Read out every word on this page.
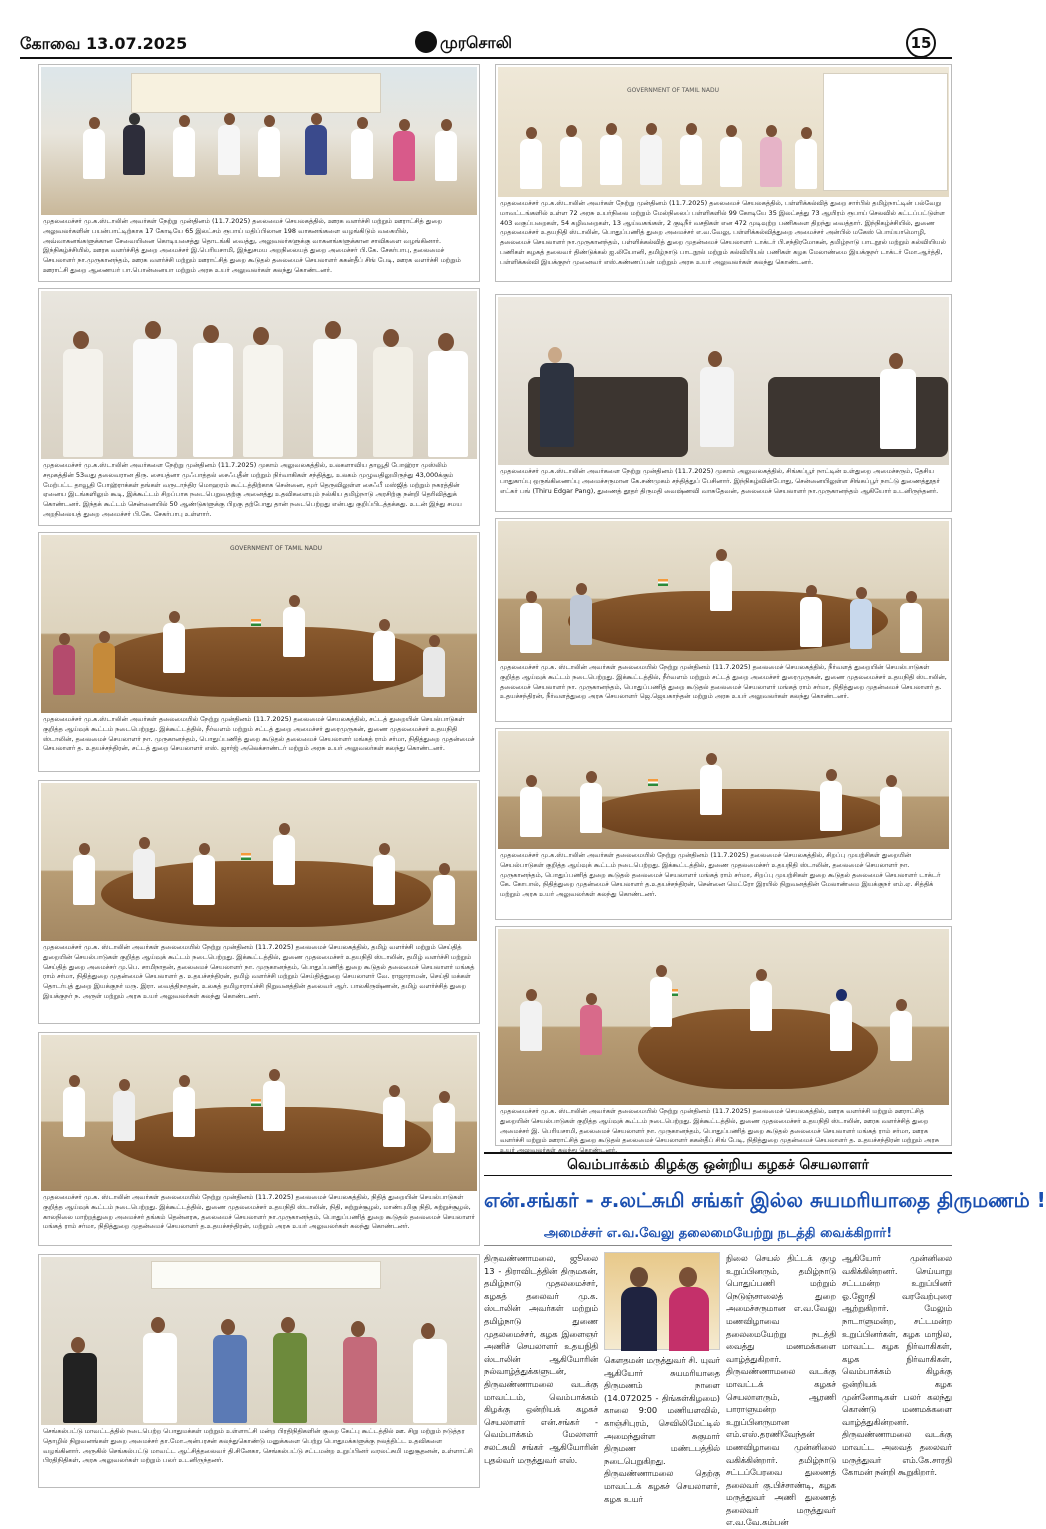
கோவை 13.07.2025	முரசொலி	15
முதலமைச்சர் மு.க.ஸ்டாலின் அவர்கள் நேற்று முன்தினம் (11.7.2025) தலைமைச் செயலகத்தில், ஊரக வளர்ச்சி மற்றும் ஊராட்சித் துறை அலுவலர்களின் பயன்பாட்டிற்காக 17 கோடியே 65 இலட்சம் ரூபாய் மதிப்பிலான 198 வாகனங்களை வழங்கிடும் வகையில், அவ்வாகனங்களுக்கான சேவையினை கொடியசைத்து தொடங்கி வைத்து, அலுவலர்களுக்கு வாகனங்களுக்கான சாவிகளை வழங்கினார். இந்நிகழ்ச்சியில், ஊரக வளர்ச்சித் துறை அமைச்சர் இ.பெரியசாமி, இந்துசமய அறநிலையத் துறை அமைச்சர் பி.கே. சேகர்பாபு, தலைமைச் செயலாளர் நா.முருகானந்தம், ஊரக வளர்ச்சி மற்றும் ஊராட்சித் துறை கூடுதல் தலைமைச் செயலாளர் ககன்தீப் சிங் பேடி, ஊரக வளர்ச்சி மற்றும் ஊராட்சி துறை ஆணையர் பா.பொன்னையா மற்றும் அரசு உயர் அலுவலர்கள் கலந்து கொண்டனர்.
GOVERNMENT OF TAMIL NADU
முதலமைச்சர் மு.க.ஸ்டாலின் அவர்கள் நேற்று முன்தினம் (11.7.2025) தலைமைச் செயலகத்தில், பள்ளிக்கல்வித் துறை சார்பில் தமிழ்நாட்டின் பல்வேறு மாவட்டங்களில் உள்ள 72 அரசு உயர்நிலை மற்றும் மேல்நிலைப் பள்ளிகளில் 99 கோடியே 35 இலட்சத்து 73 ஆயிரம் ரூபாய் செலவில் கட்டப்பட்டுள்ள 403 வகுப்பறைகள், 54 கழிவறைகள், 13 ஆய்வகங்கள், 2 குடிநீர் வசதிகள் என 472 முடிவுற்ற பணிகளை திறந்து வைத்தார். இந்நிகழ்ச்சியில், துணை முதலமைச்சர் உதயநிதி ஸ்டாலின், பொதுப்பணித் துறை அமைச்சர் எ.வ.வேலு, பள்ளிக்கல்வித்துறை அமைச்சர் அன்பில் மகேஸ் பொய்யாமொழி, தலைமைச் செயலாளர் நா.முருகானந்தம், பள்ளிக்கல்வித் துறை முதன்மைச் செயலாளர் டாக்டர் பி.சந்திரமோகன், தமிழ்நாடு பாடநூல் மற்றும் கல்வியியல் பணிகள் கழகத் தலைவர் திண்டுக்கல் ஐ.லியோனி, தமிழ்நாடு பாடநூல் மற்றும் கல்வியியல் பணிகள் கழக மேலாண்மை இயக்குநர் டாக்டர் மோ.ஆர்த்தி, பள்ளிக்கல்வி இயக்குநர் முனைவர் எஸ்.கண்ணப்பன் மற்றும் அரசு உயர் அலுவலர்கள் கலந்து கொண்டனர்.
முதலமைச்சர் மு.க.ஸ்டாலின் அவர்களை நேற்று முன்தினம் (11.7.2025) முகாம் அலுவலகத்தில், உலகளாவிய தாவூதி போஹ்ரா முஸ்லிம் சமூகத்தின் 53வது தலைவரான திரு. சையத்னா முஃபாத்தல் சைஃபுதீன் மற்றும் நிர்வாகிகள் சந்தித்து, உலகம் முழுவதிலுமிருந்து 43,000க்கும் மேற்பட்ட தாவூதி போஹ்ராக்கள் தங்கள் வருடாந்திர மொஹரம் கூட்டத்திற்காக சென்னை, மூர் தெருவிலுள்ள சைஃபீ மஸ்ஜித் மற்றும் நகரத்தின் ஏனைய இடங்களிலும் கூடி, இக்கூட்டம் சிறப்பாக நடைபெறுவதற்கு அனைத்து உதவிகளையும் நல்கிய தமிழ்நாடு அரசிற்கு நன்றி தெரிவித்துக் கொண்டனர். இந்தக் கூட்டம் சென்னையில் 50 ஆண்டுகளுக்கு பிறகு தற்போது தான் நடைபெற்றது என்பது குறிப்பிடத்தக்கது. உடன் இந்து சமய அறநிலையத் துறை அமைச்சர் பி.கே. சேகர்பாபு உள்ளார்.
முதலமைச்சர் மு.க.ஸ்டாலின் அவர்களை நேற்று முன்தினம் (11.7.2025) முகாம் அலுவலகத்தில், சிங்கப்பூர் நாட்டின் உள்துறை அமைச்சரும், தேசிய பாதுகாப்பு ஒருங்கிணைப்பு அமைச்சருமான கே.சண்முகம் சந்தித்துப் பேசினார். இந்நிகழ்வின்போது, சென்னையிலுள்ள சிங்கப்பூர் நாட்டு துணைத்தூதர் எட்கர் பங் (Thiru Edgar Pang), துணைத் தூதர் திருமதி வைஷ்ணவி வாசுதேவன், தலைமைச் செயலாளர் நா.முருகானந்தம் ஆகியோர் உடனிருந்தனர்.
GOVERNMENT OF TAMIL NADU
முதலமைச்சர் மு.க.ஸ்டாலின் அவர்கள் தலைமையில் நேற்று முன்தினம் (11.7.2025) தலைமைச் செயலகத்தில், சட்டத் துறையின் செயல்பாடுகள் குறித்த ஆய்வுக் கூட்டம் நடைபெற்றது. இக்கூட்டத்தில், நீர்வளம் மற்றும் சட்டத் துறை அமைச்சர் துரைமுருகன், துணை முதலமைச்சர் உதயநிதி ஸ்டாலின், தலைமைச் செயலாளர் நா. முருகானந்தம், பொதுப்பணித் துறை கூடுதல் தலைமைச் செயலாளர் மங்கத் ராம் சர்மா, நிதித்துறை முதன்மைச் செயலாளர் த. உதயச்சந்திரன், சட்டத் துறை செயலாளர் எஸ். ஜார்ஜ் அலெக்சாண்டர் மற்றும் அரசு உயர் அலுவலர்கள் கலந்து கொண்டனர்.
முதலமைச்சர் மு.க. ஸ்டாலின் அவர்கள் தலைமையில் நேற்று முன்தினம் (11.7.2025) தலைமைச் செயலகத்தில், நீர்வளத் துறையின் செயல்பாடுகள் குறித்த ஆய்வுக் கூட்டம் நடைபெற்றது. இக்கூட்டத்தில், நீர்வளம் மற்றும் சட்டத் துறை அமைச்சர் துரைமுருகன், துணை முதலமைச்சர் உதயநிதி ஸ்டாலின், தலைமைச் செயலாளர் நா. முருகானந்தம், பொதுப்பணித் துறை கூடுதல் தலைமைச் செயலாளர் மங்கத் ராம் சர்மா, நிதித்துறை முதன்மைச் செயலாளர் த. உதயச்சந்திரன், நீர்வளத்துறை அரசு செயலாளர் ஜெ.ஜெயகாந்தன் மற்றும் அரசு உயர் அலுவலர்கள் கலந்து கொண்டனர்.
முதலமைச்சர் மு.க. ஸ்டாலின் அவர்கள் தலைமையில் நேற்று முன்தினம் (11.7.2025) தலைமைச் செயலகத்தில், தமிழ் வளர்ச்சி மற்றும் செய்தித் துறையின் செயல்பாடுகள் குறித்த ஆய்வுக் கூட்டம் நடைபெற்றது. இக்கூட்டத்தில், துணை முதலமைச்சர் உதயநிதி ஸ்டாலின், தமிழ் வளர்ச்சி மற்றும் செய்தித் துறை அமைச்சர் மு.பெ. சாமிநாதன், தலைமைச் செயலாளர் நா. முருகானந்தம், பொதுப்பணித் துறை கூடுதல் தலைமைச் செயலாளர் மங்கத் ராம் சர்மா, நிதித்துறை முதன்மைச் செயலாளர் த. உதயச்சந்திரன், தமிழ் வளர்ச்சி மற்றும் செய்தித்துறை செயலாளர் வே. ராஜாராமன், செய்தி மக்கள் தொடர்புத் துறை இயக்குநர் மரு. இரா. வைத்திநாதன், உலகத் தமிழாராய்ச்சி நிறுவனத்தின் தலைவர் ஆர். பாலகிருஷ்ணன், தமிழ் வளர்ச்சித் துறை இயக்குநர் ந. அருள் மற்றும் அரசு உயர் அலுவலர்கள் கலந்து கொண்டனர்.
முதலமைச்சர் மு.க.ஸ்டாலின் அவர்கள் தலைமையில் நேற்று முன்தினம் (11.7.2025) தலைமைச் செயலகத்தில், சிறப்பு முயற்சிகள் துறையின் செயல்பாடுகள் குறித்த ஆய்வுக் கூட்டம் நடைபெற்றது. இக்கூட்டத்தில், துணை முதலமைச்சர் உதயநிதி ஸ்டாலின், தலைமைச் செயலாளர் நா. முருகானந்தம், பொதுப்பணித் துறை கூடுதல் தலைமைச் செயலாளர் மங்கத் ராம் சர்மா, சிறப்பு முயற்சிகள் துறை கூடுதல் தலைமைச் செயலாளர் டாக்டர் கே. கோபால், நிதித்துறை முதன்மைச் செயலாளர் த.உதயச்சந்திரன், சென்னை மெட்ரோ இரயில் நிறுவனத்தின் மேலாண்மை இயக்குநர் எம்.ஏ. சித்திக் மற்றும் அரசு உயர் அலுவலர்கள் கலந்து கொண்டனர்.
முதலமைச்சர் மு.க. ஸ்டாலின் அவர்கள் தலைமையில் நேற்று முன்தினம் (11.7.2025) தலைமைச் செயலகத்தில், நிதித் துறையின் செயல்பாடுகள் குறித்த ஆய்வுக் கூட்டம் நடைபெற்றது. இக்கூட்டத்தில், துணை முதலமைச்சர் உதயநிதி ஸ்டாலின், நிதி, சுற்றுச்சூழல், மாண்புமிகு நிதி, சுற்றுச்சூழல், காலநிலை மாற்றத்துறை அமைச்சர் தங்கம் தென்னரசு, தலைமைச் செயலாளர் நா.முருகானந்தம், பொதுப்பணித் துறை கூடுதல் தலைமைச் செயலாளர் மங்கத் ராம் சர்மா, நிதித்துறை முதன்மைச் செயலாளர் த.உதயச்சந்திரன், மற்றும் அரசு உயர் அலுவலர்கள் கலந்து கொண்டனர்.
முதலமைச்சர் மு.க. ஸ்டாலின் அவர்கள் தலைமையில் நேற்று முன்தினம் (11.7.2025) தலைமைச் செயலகத்தில், ஊரக வளர்ச்சி மற்றும் ஊராட்சித் துறையின் செயல்பாடுகள் குறித்த ஆய்வுக் கூட்டம் நடைபெற்றது. இக்கூட்டத்தில், துணை முதலமைச்சர் உதயநிதி ஸ்டாலின், ஊரக வளர்ச்சித் துறை அமைச்சர் இ. பெரியசாமி, தலைமைச் செயலாளர் நா. முருகானந்தம், பொதுப்பணித் துறை கூடுதல் தலைமைச் செயலாளர் மங்கத் ராம் சர்மா, ஊரக வளர்ச்சி மற்றும் ஊராட்சித் துறை கூடுதல் தலைமைச் செயலாளர் ககன்தீப் சிங் பேடி, நிதித்துறை முதன்மைச் செயலாளர் த. உதயச்சந்திரன் மற்றும் அரசு உயர் அலுவலர்கள் கலந்து கொண்டனர்.
செங்கல்பட்டு மாவட்டத்தில் நடைபெற்ற பொதுமக்கள் மற்றும் உள்ளாட்சி மன்ற பிரதிநிதிகளின் குறை கேட்பு கூட்டத்தில் ஊ. சிறு மற்றும் நடுத்தர தொழில் நிறுவனங்கள் துறை அமைச்சர் தா.மோ.அன்பரசன் கலந்துகொண்டு மனுக்களை பெற்று பொதுமக்களுக்கு நலத்திட்ட உதவிகளை வழங்கினார். அருகில் செங்கல்பட்டு மாவட்ட ஆட்சித்தலைவர் தி.சினேகா, செங்கல்பட்டு சட்டமன்ற உறுப்பினர் வரலட்சுமி மதுசூதனன், உள்ளாட்சி பிரதிநிதிகள், அரசு அலுவலர்கள் மற்றும் பலர் உடனிருந்தனர்.
வெம்பாக்கம் கிழக்கு ஒன்றிய கழகச் செயலாளர்
என்.சங்கர் - ச.லட்சுமி சங்கர் இல்ல சுயமரியாதை திருமணம் !
அமைச்சர் எ.வ.வேலு தலைமையேற்று நடத்தி வைக்கிறார்!
திருவண்ணாமலை, ஜூலை 13 - திராவிடத்தின் திருமகன், தமிழ்நாடு முதலமைச்சர், கழகத் தலைவர் மு.க. ஸ்டாலின் அவர்கள் மற்றும் தமிழ்நாடு துணை முதலமைச்சர், கழக இளைஞர் அணிச் செயலாளர் உதயநிதி ஸ்டாலின் ஆகியோரின் நல்வாழ்த்துக்களுடன், திருவண்ணாமலை வடக்கு மாவட்டம், வெம்பாக்கம் கிழக்கு ஒன்றியக் கழகச் செயலாளர் என்.சங்கர் - வெம்பாக்கம் மேலாளர் சலட்சுமி சங்கர் ஆகியோரின் புதல்வர் மருத்துவர் எஸ்.
கௌதமன் மருத்துவர் சி. யுவர் ஆகியோர் சுயமரியாதை திருமணம் நாளை (14.072025 - திங்கள்கிழமை) காலை 9:00 மணியளவில், காஞ்சிபுரம், செவிலிமேட்டில் அமைந்துள்ள சுகுமார் திருமண மண்டபத்தில் நடைபெறுகிறது. திருவண்ணாமலை தெற்கு மாவட்டக் கழகச் செயலாளர், கழக உயர்
நிலை செயல் திட்டக் குழு உறுப்பினரும், தமிழ்நாடு பொதுப்பணி மற்றும் நெடுஞ்சாலைத் துறை அமைச்சருமான எ.வ.வேலு மணவிழாவை தலைமையேற்று நடத்தி வைத்து மணமக்களை வாழ்த்துகிறார். திருவண்ணாமலை வடக்கு மாவட்டக் கழகச் செயலாளரும், ஆரணி பாராளுமன்ற உறுப்பினருமான எம்.எஸ்.தரணிவேந்தன் மணவிழாவை முன்னிலை வகிக்கின்றார். தமிழ்நாடு சட்டப்பேரவை துணைத் தலைவர் கு.பிச்சாண்டி, கழக மருத்துவர் அணி துணைத் தலைவர் மருத்துவர் எ.வ.வே.கம்பன்
ஆகியோர் முன்னிலை வகிக்கின்றனர். செய்யாறு சட்டமன்ற உறுப்பினர் ஓ.ஜோதி வரவேற்புரை ஆற்றுகிறார். மேலும் நாடாளுமன்ற, சட்டமன்ற உறுப்பினர்கள், கழக மாநில, மாவட்ட கழக நிர்வாகிகள், கழக நிர்வாகிகள், வெம்பாக்கம் கிழக்கு ஒன்றியக் கழக முன்னோடிகள் பலர் கலந்து கொண்டு மணமக்களை வாழ்த்துகின்றனர். திருவண்ணாமலை வடக்கு மாவட்ட அவைத் தலைவர் மருத்துவர் எம்.கே.சாரதி கோமன் நன்றி கூறுகிறார்.
